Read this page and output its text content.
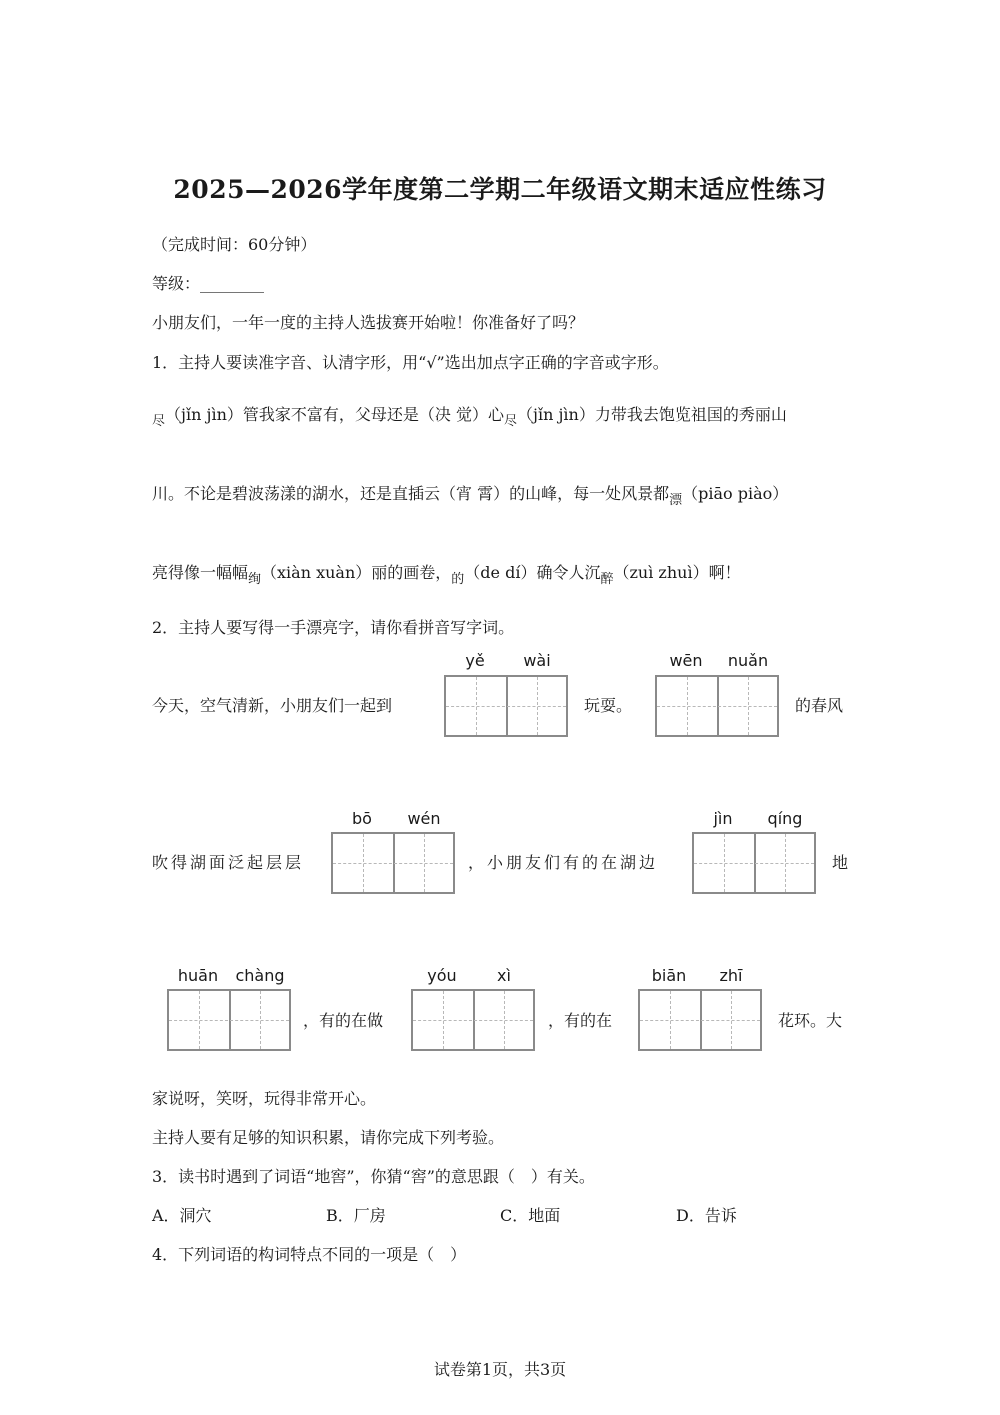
2025—2026学年度第二学期二年级语文期末适应性练习
（完成时间：60分钟）
等级：________
小朋友们，一年一度的主持人选拔赛开始啦！你准备好了吗？
1．主持人要读准字音、认清字形，用“√”选出加点字正确的字音或字形。
$_尽$（jǐn jìn）管我家不富有，父母还是（决 觉）心$_尽$（jǐn jìn）力带我去饱览祖国的秀丽山
川。不论是碧波荡漾的湖水，还是直插云（宵 霄）的山峰，每一处风景都$_漂$（piāo piào）
亮得像一幅幅$_绚$（xiàn xuàn）丽的画卷，$_的$（de dí）确令人沉$_醉$（zuì zhuì）啊！
2．主持人要写得一手漂亮字，请你看拼音写字词。
今天，空气清新，小朋友们一起到
yě	wài
玩耍。
wēn	nuǎn
的春风
吹得湖面泛起层层
bō	wén
，小朋友们有的在湖边
jìn	qíng
地
huān	chàng
，有的在做
yóu	xì
，有的在
biān	zhī
花环。大
家说呀，笑呀，玩得非常开心。
主持人要有足够的知识积累，请你完成下列考验。
3．读书时遇到了词语“地窖”，你猜“窖”的意思跟（　）有关。
A．洞穴	B．厂房	C．地面	D．告诉
4．下列词语的构词特点不同的一项是（　）
试卷第1页，共3页
